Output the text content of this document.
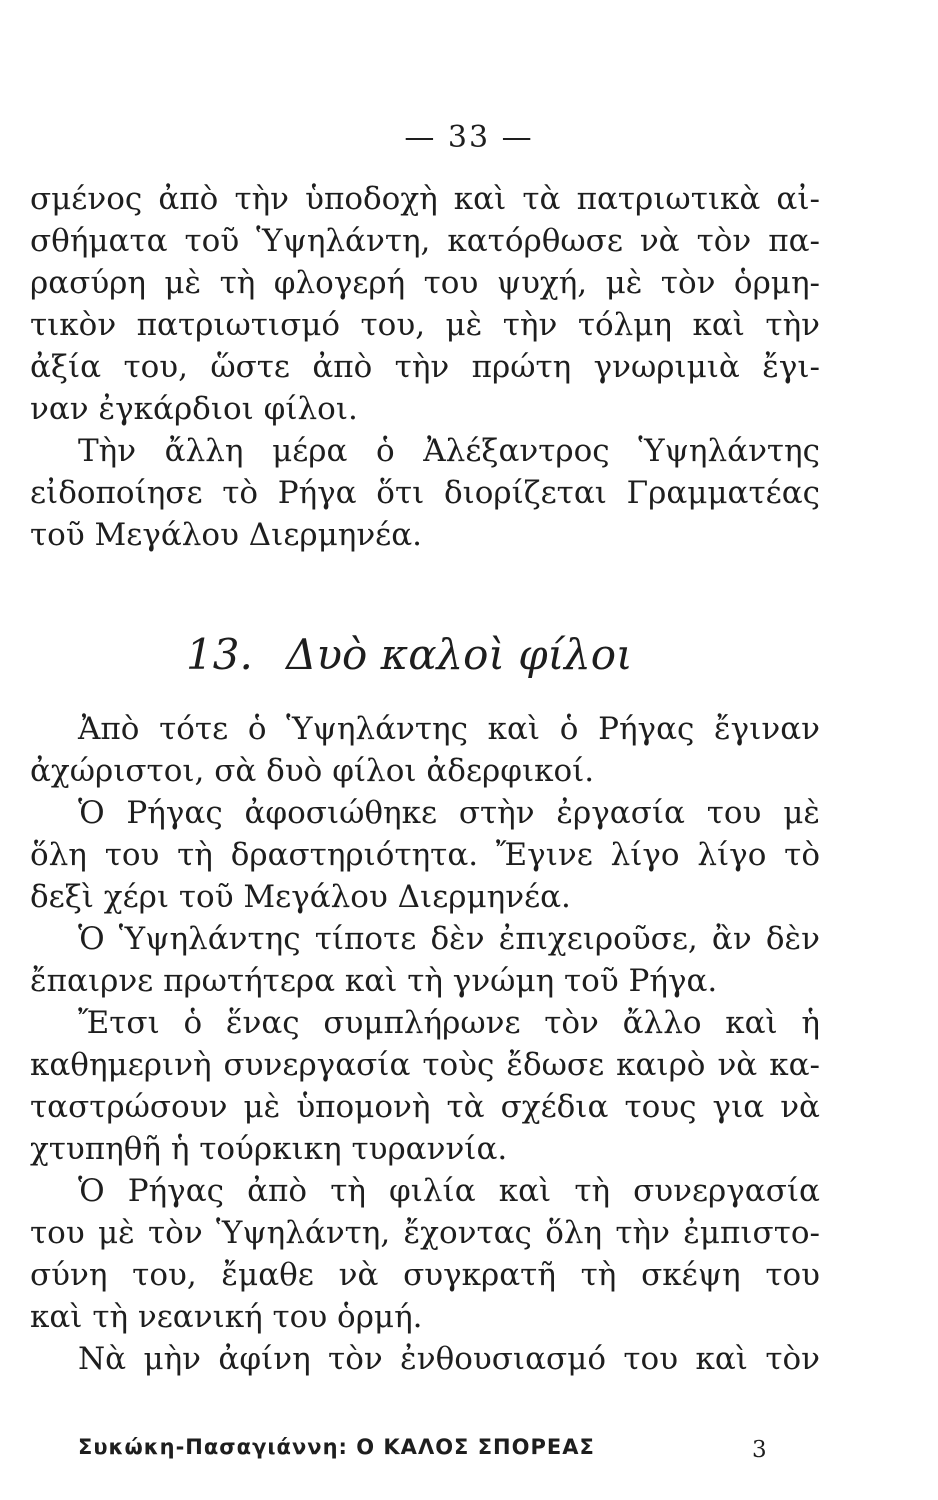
— 33 —
σμένος ἀπὸ τὴν ὑποδοχὴ καὶ τὰ πατριωτικὰ αἰ-
σθήματα τοῦ Ὑψηλάντη, κατόρθωσε νὰ τὸν πα-
ρασύρη μὲ τὴ φλογερή του ψυχή, μὲ τὸν ὁρμη-
τικὸν πατριωτισμό του, μὲ τὴν τόλμη καὶ τὴν
ἀξία του, ὥστε ἀπὸ τὴν πρώτη γνωριμιὰ ἔγι-
ναν ἐγκάρδιοι φίλοι.
Τὴν ἄλλη μέρα ὁ Ἀλέξαντρος Ὑψηλάντης
εἰδοποίησε τὸ Ρήγα ὅτι διορίζεται Γραμματέας
τοῦ Μεγάλου Διερμηνέα.
13. Δυὸ καλοὶ φίλοι
Ἀπὸ τότε ὁ Ὑψηλάντης καὶ ὁ Ρήγας ἔγιναν
ἀχώριστοι, σὰ δυὸ φίλοι ἀδερφικοί.
Ὁ Ρήγας ἀφοσιώθηκε στὴν ἐργασία του μὲ
ὅλη του τὴ δραστηριότητα. Ἔγινε λίγο λίγο τὸ
δεξὶ χέρι τοῦ Μεγάλου Διερμηνέα.
Ὁ Ὑψηλάντης τίποτε δὲν ἐπιχειροῦσε, ἂν δὲν
ἔπαιρνε πρωτήτερα καὶ τὴ γνώμη τοῦ Ρήγα.
Ἔτσι ὁ ἕνας συμπλήρωνε τὸν ἄλλο καὶ ἡ
καθημερινὴ συνεργασία τοὺς ἔδωσε καιρὸ νὰ κα-
ταστρώσουν μὲ ὑπομονὴ τὰ σχέδια τους για νὰ
χτυπηθῆ ἡ τούρκικη τυραννία.
Ὁ Ρήγας ἀπὸ τὴ φιλία καὶ τὴ συνεργασία
του μὲ τὸν Ὑψηλάντη, ἔχοντας ὅλη τὴν ἐμπιστο-
σύνη του, ἔμαθε νὰ συγκρατῆ τὴ σκέψη του
καὶ τὴ νεανική του ὁρμή.
Νὰ μὴν ἀφίνη τὸν ἐνθουσιασμό του καὶ τὸν
Συκώκη-Πασαγιάννη: Ο ΚΑΛΟΣ ΣΠΟΡΕΑΣ	3
